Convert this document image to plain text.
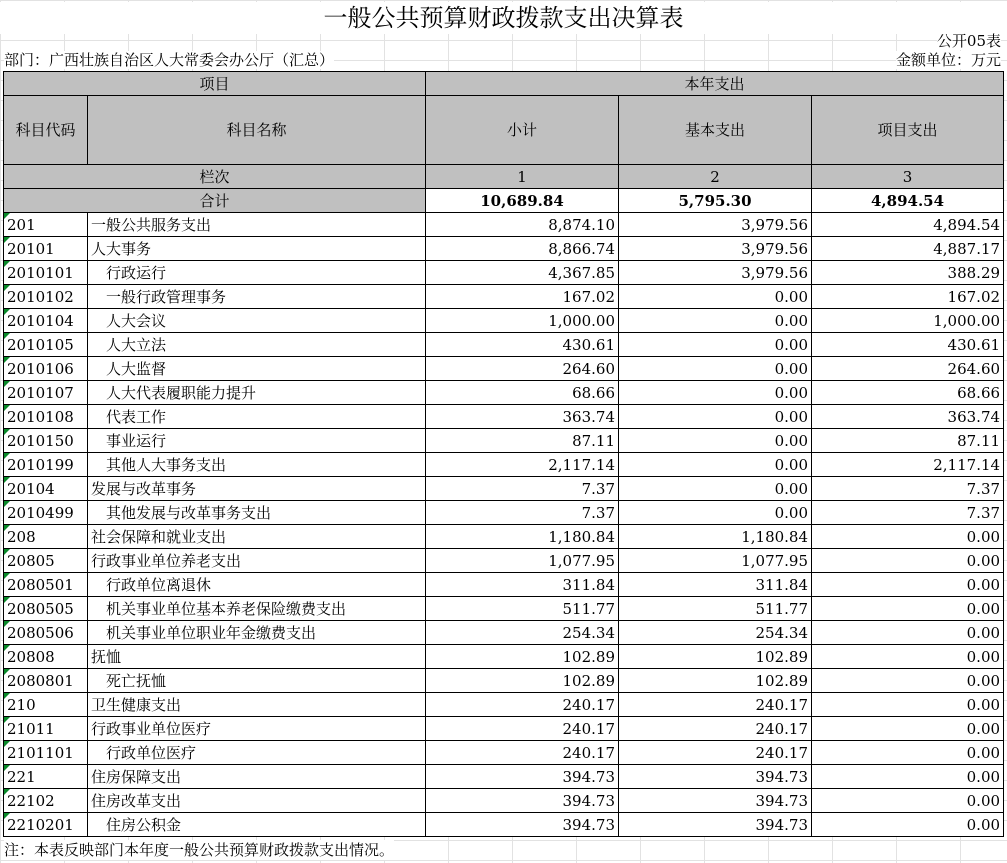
一般公共预算财政拨款支出决算表
公开05表
部门：广西壮族自治区人大常委会办公厅（汇总）	金额单位：万元
项目		本年支出		
科目代码	科目名称	小计	基本支出	项目支出
栏次		1	2	3
合计		10,689.84	5,795.30	4,894.54
201	一般公共服务支出	8,874.10	3,979.56	4,894.54
20101	人大事务	8,866.74	3,979.56	4,887.17
2010101	　行政运行	4,367.85	3,979.56	388.29
2010102	　一般行政管理事务	167.02	0.00	167.02
2010104	　人大会议	1,000.00	0.00	1,000.00
2010105	　人大立法	430.61	0.00	430.61
2010106	　人大监督	264.60	0.00	264.60
2010107	　人大代表履职能力提升	68.66	0.00	68.66
2010108	　代表工作	363.74	0.00	363.74
2010150	　事业运行	87.11	0.00	87.11
2010199	　其他人大事务支出	2,117.14	0.00	2,117.14
20104	发展与改革事务	7.37	0.00	7.37
2010499	　其他发展与改革事务支出	7.37	0.00	7.37
208	社会保障和就业支出	1,180.84	1,180.84	0.00
20805	行政事业单位养老支出	1,077.95	1,077.95	0.00
2080501	　行政单位离退休	311.84	311.84	0.00
2080505	　机关事业单位基本养老保险缴费支出	511.77	511.77	0.00
2080506	　机关事业单位职业年金缴费支出	254.34	254.34	0.00
20808	抚恤	102.89	102.89	0.00
2080801	　死亡抚恤	102.89	102.89	0.00
210	卫生健康支出	240.17	240.17	0.00
21011	行政事业单位医疗	240.17	240.17	0.00
2101101	　行政单位医疗	240.17	240.17	0.00
221	住房保障支出	394.73	394.73	0.00
22102	住房改革支出	394.73	394.73	0.00
2210201	　住房公积金	394.73	394.73	0.00
注：本表反映部门本年度一般公共预算财政拨款支出情况。
